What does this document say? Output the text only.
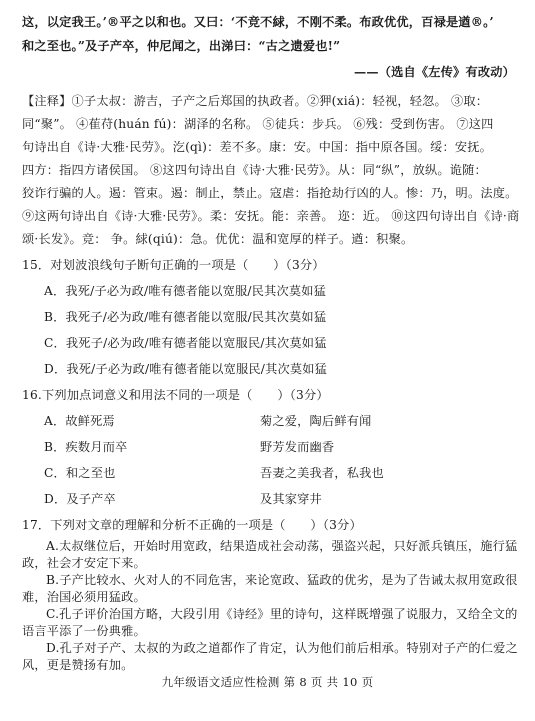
这，以定我王。’®平之以和也。又曰：‘不竞不絿，不刚不柔。布政优优，百禄是遒®。’
和之至也。”及子产卒，仲尼闻之，出涕曰：“古之遗爱也!”
——（选自《左传》有改动）
【注释】①子太叔：游吉，子产之后郑国的执政者。②狎(xiá)：轻视，轻忽。 ③取：
同“聚”。 ④萑苻(huán fú)：湖泽的名称。 ⑤徒兵：步兵。 ⑥残：受到伤害。 ⑦这四
句诗出自《诗·大雅·民劳》。汔(qì)：差不多。康：安。中国：指中原各国。绥：安抚。
四方：指四方诸侯国。 ⑧这四句诗出自《诗·大雅·民劳》。从：同“纵”，放纵。诡随：
狡诈行骗的人。遏：管束。遏：制止，禁止。寇虐：指抢劫行凶的人。惨：乃，明。法度。
⑨这两句诗出自《诗·大雅·民劳》。柔：安抚。能：亲善。 迩：近。 ⑩这四句诗出自《诗·商
颂·长发》。竞： 争。絿(qiú)：急。优优：温和宽厚的样子。遒：积聚。
15．对划波浪线句子断句正确的一项是（　　）（3分）
A．我死/子必为政/唯有德者能以宽服/民其次莫如猛
B．我死子/必为政/唯有德者能以宽服/民其次莫如猛
C．我死子/必为政/唯有德者能以宽服民/其次莫如猛
D．我死/子必为政/唯有德者能以宽服民/其次莫如猛
16.下列加点词意义和用法不同的一项是（　　）（3分）
A．故鲜死焉	菊之爱，陶后鲜有闻
B．疾数月而卒	野芳发而幽香
C．和之至也	吾妻之美我者，私我也
D．及子产卒	及其家穿井
17．下列对文章的理解和分析不正确的一项是（　　）（3分）
A.太叔继位后，开始时用宽政，结果造成社会动荡，强盗兴起，只好派兵镇压，施行猛
政，社会才安定下来。
B.子产比较水、火对人的不同危害，来论宽政、猛政的优劣，是为了告诫太叔用宽政很
难，治国必须用猛政。
C.孔子评价治国方略，大段引用《诗经》里的诗句，这样既增强了说服力，又给全文的
语言平添了一份典雅。
D.孔子对子产、太叔的为政之道都作了肯定，认为他们前后相承。特别对子产的仁爱之
风，更是赞扬有加。
九年级语文适应性检测 第 8 页 共 10 页
